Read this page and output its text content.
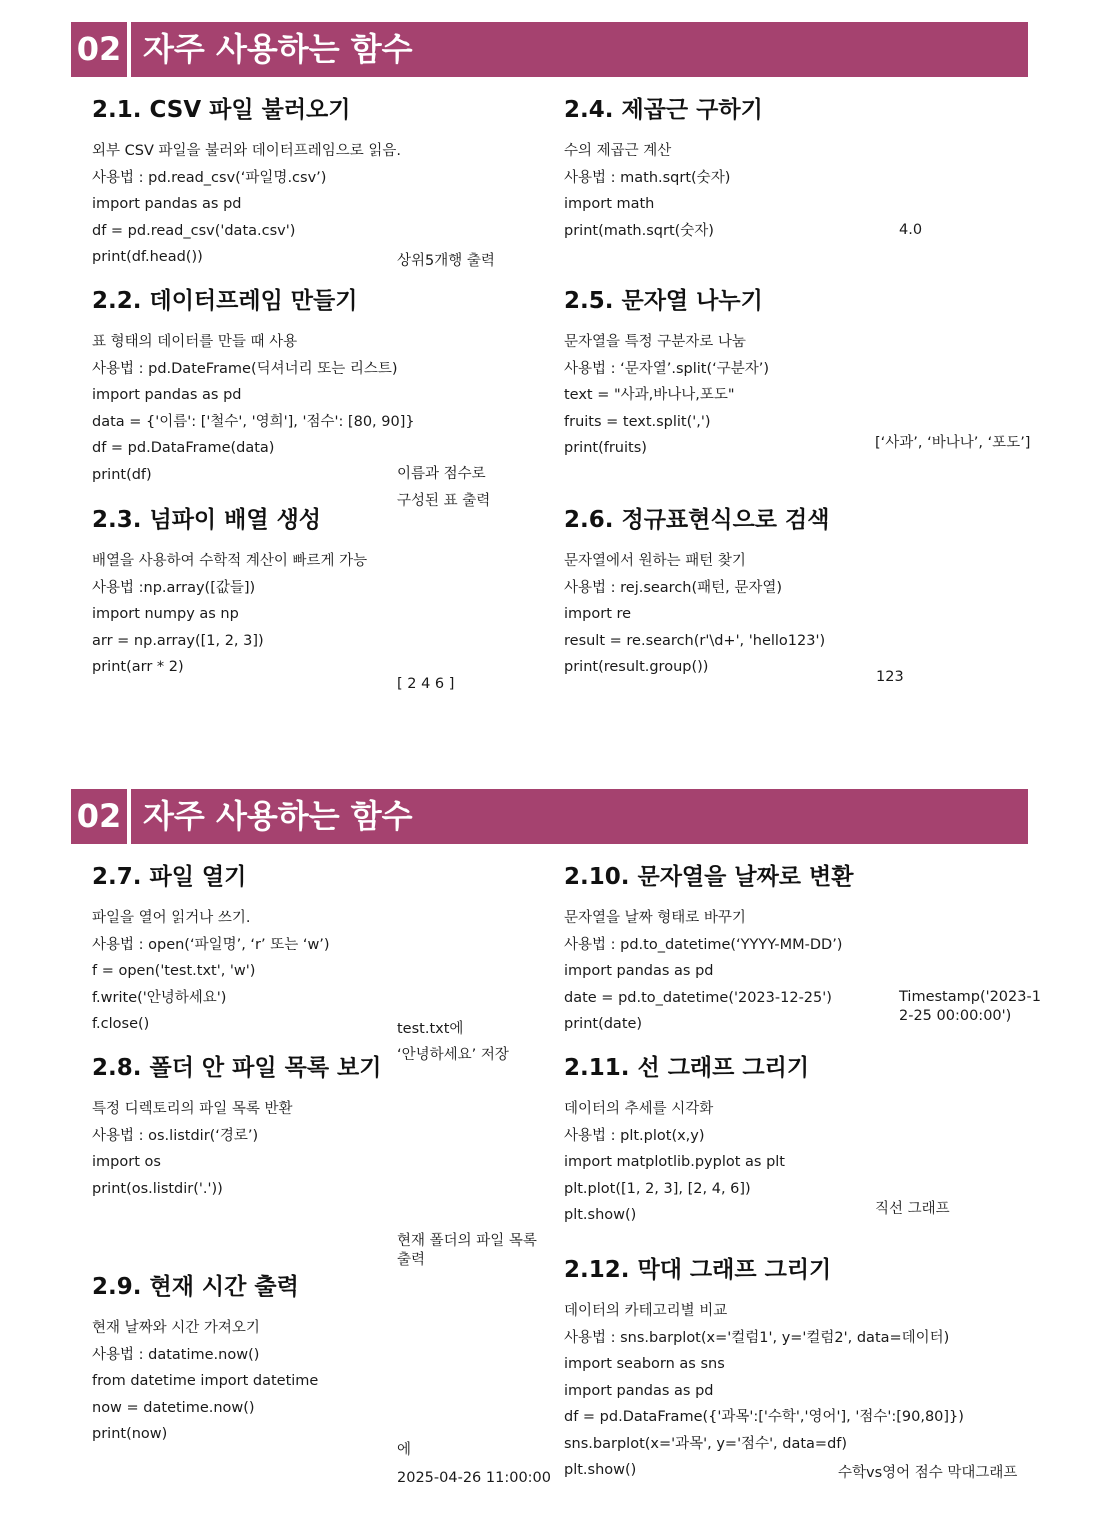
02 자주 사용하는 함수
02 자주 사용하는 함수
2.1. CSV 파일 불러오기
외부 CSV 파일을 불러와 데이터프레임으로 읽음.
사용법 : pd.read_csv(‘파일명.csv’)
import pandas as pd
df = pd.read_csv('data.csv')
print(df.head())
2.2. 데이터프레임 만들기
표 형태의 데이터를 만들 때 사용
사용법 : pd.DateFrame(딕셔너리 또는 리스트)
import pandas as pd
data = {'이름': ['철수', '영희'], '점수': [80, 90]}
df = pd.DataFrame(data)
print(df)
2.3. 넘파이 배열 생성
배열을 사용하여 수학적 계산이 빠르게 가능
사용법 :np.array([값들])
import numpy as np
arr = np.array([1, 2, 3])
print(arr * 2)
2.4. 제곱근 구하기
수의 제곱근 계산
사용법 : math.sqrt(숫자)
import math
print(math.sqrt(숫자)
2.5. 문자열 나누기
문자열을 특정 구분자로 나눔
사용법 : ‘문자열’.split(‘구분자’)
text = "사과,바나나,포도"
fruits = text.split(',')
print(fruits)
2.6. 정규표현식으로 검색
문자열에서 원하는 패턴 찾기
사용법 : rej.search(패턴, 문자열)
import re
result = re.search(r'\d+', 'hello123')
print(result.group())
2.7. 파일 열기
파일을 열어 읽거나 쓰기.
사용법 : open(‘파일명’, ‘r’ 또는 ‘w’)
f = open('test.txt', 'w')
f.write('안녕하세요')
f.close()
2.8. 폴더 안 파일 목록 보기
특정 디렉토리의 파일 목록 반환
사용법 : os.listdir(‘경로’)
import os
print(os.listdir('.'))
2.9. 현재 시간 출력
현재 날짜와 시간 가져오기
사용법 : datatime.now()
from datetime import datetime
now = datetime.now()
print(now)
2.10. 문자열을 날짜로 변환
문자열을 날짜 형태로 바꾸기
사용법 : pd.to_datetime(‘YYYY-MM-DD’)
import pandas as pd
date = pd.to_datetime('2023-12-25')
print(date)
2.11. 선 그래프 그리기
데이터의 추세를 시각화
사용법 : plt.plot(x,y)
import matplotlib.pyplot as plt
plt.plot([1, 2, 3], [2, 4, 6])
plt.show()
2.12. 막대 그래프 그리기
데이터의 카테고리별 비교
사용법 : sns.barplot(x='컬럼1', y='컬럼2', data=데이터)
import seaborn as sns
import pandas as pd
df = pd.DataFrame({'과목':['수학','영어'], '점수':[90,80]})
sns.barplot(x='과목', y='점수', data=df)
plt.show()
상위5개행 출력
이름과 점수로
구성된 표 출력
[ 2 4 6 ]
4.0
[‘사과’, ‘바나나’, ‘포도’]
123
test.txt에
‘안녕하세요’ 저장
현재 폴더의 파일 목록 출력
에
2025-04-26 11:00:00
Timestamp('2023-12-25 00:00:00')
직선 그래프
수학vs영어 점수 막대그래프
